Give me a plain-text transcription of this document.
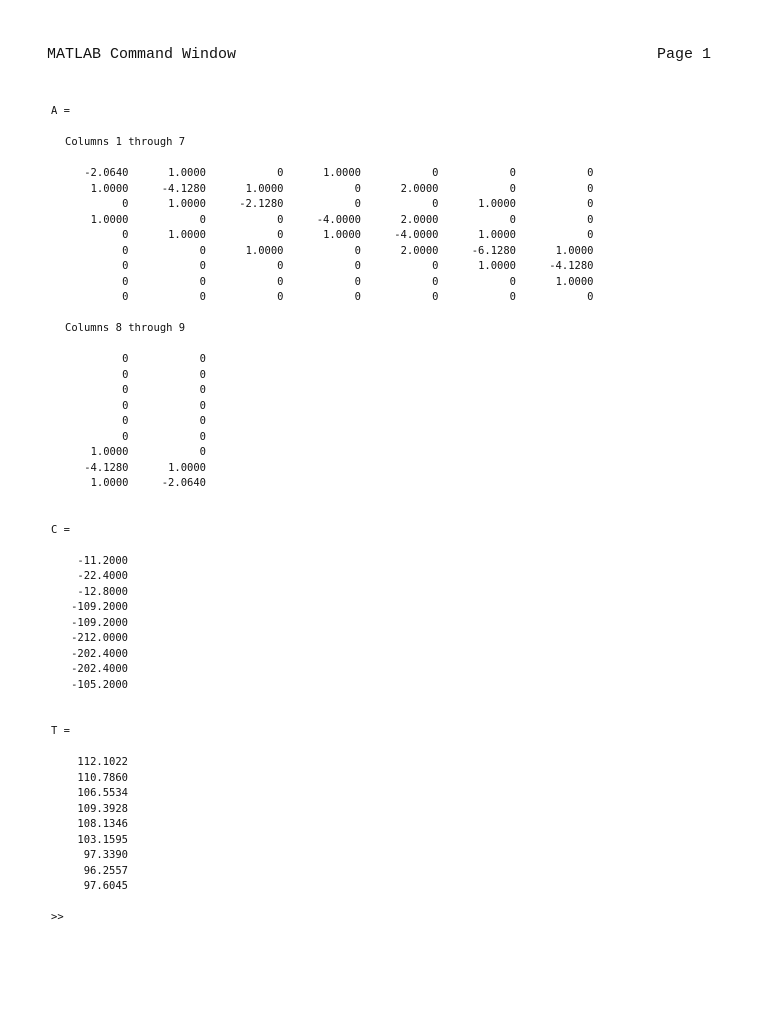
MATLAB Command Window	Page 1
A =
Columns 1 through 7
-2.0640	1.0000	0	1.0000	0	0	0
1.0000	-4.1280	1.0000	0	2.0000	0	0
0	1.0000	-2.1280	0	0	1.0000	0
1.0000	0	0	-4.0000	2.0000	0	0
0	1.0000	0	1.0000	-4.0000	1.0000	0
0	0	1.0000	0	2.0000	-6.1280	1.0000
0	0	0	0	0	1.0000	-4.1280
0	0	0	0	0	0	1.0000
0	0	0	0	0	0	0
Columns 8 through 9
0	0
0	0
0	0
0	0
0	0
0	0
1.0000	0
-4.1280	1.0000
1.0000	-2.0640
C =
-11.2000
-22.4000
-12.8000
-109.2000
-109.2000
-212.0000
-202.4000
-202.4000
-105.2000
T =
112.1022
110.7860
106.5534
109.3928
108.1346
103.1595
97.3390
96.2557
97.6045
>>
